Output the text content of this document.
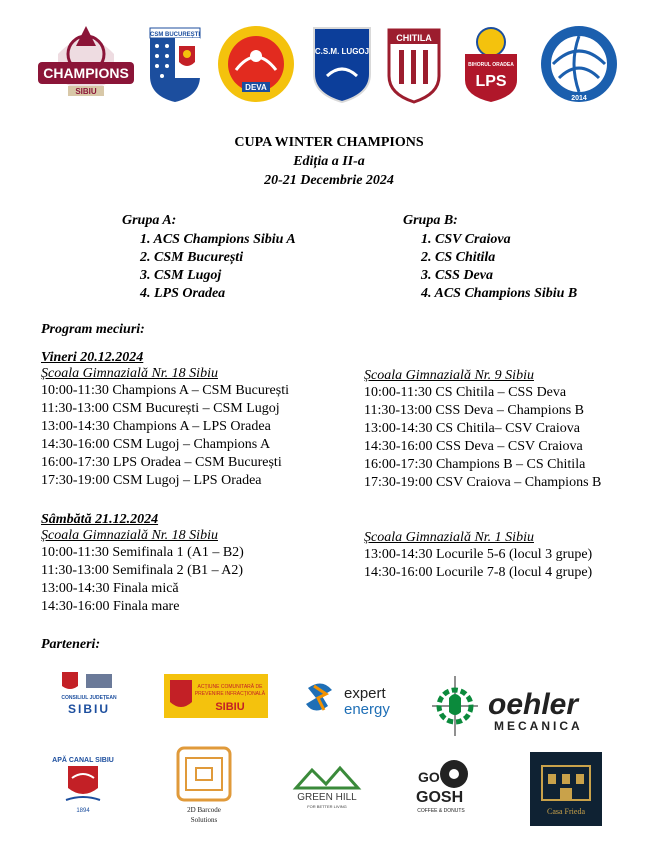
CHAMPIONS
SIBIU
CSM BUCUREȘTI
DEVA
C.S.M. LUGOJ
CHITILA
BIHORUL ORADEA
LPS
2014
CUPA WINTER CHAMPIONS
Ediția a II-a
20-21 Decembrie 2024
Grupa A:
1. ACS Champions Sibiu A
2. CSM București
3. CSM Lugoj
4. LPS Oradea
Grupa B:
1. CSV Craiova
2. CS Chitila
3. CSS Deva
4. ACS Champions Sibiu B
Program meciuri:
Vineri 20.12.2024
Școala Gimnazială Nr. 18 Sibiu
10:00-11:30 Champions A – CSM București
11:30-13:00 CSM București – CSM Lugoj
13:00-14:30 Champions A – LPS Oradea
14:30-16:00 CSM Lugoj – Champions A
16:00-17:30 LPS Oradea – CSM București
17:30-19:00 CSM Lugoj – LPS Oradea
Școala Gimnazială Nr. 9 Sibiu
10:00-11:30 CS Chitila – CSS Deva
11:30-13:00 CSS Deva – Champions B
13:00-14:30 CS Chitila– CSV Craiova
14:30-16:00 CSS Deva – CSV Craiova
16:00-17:30 Champions B – CS Chitila
17:30-19:00 CSV Craiova – Champions B
Sâmbătă 21.12.2024
Școala Gimnazială Nr. 18 Sibiu
10:00-11:30 Semifinala 1 (A1 – B2)
11:30-13:00 Semifinala 2 (B1 – A2)
13:00-14:30 Finala mică
14:30-16:00 Finala mare
Școala Gimnazială Nr. 1 Sibiu
13:00-14:30 Locurile 5-6 (locul 3 grupe)
14:30-16:00 Locurile 7-8 (locul 4 grupe)
Parteneri:
CONSILIUL JUDEȚEAN
SIBIU
ACȚIUNE COMUNITARĂ DE
PREVENIRE INFRACȚIONALĂ
SIBIU
expert
energy	oehler
MECANICA
APĂ CANAL SIBIU
1894	2D Barcode
Solutions
GREEN HILL
FOR BETTER LIVING
GO
GOSH
COFFEE & DONUTS	Casa Frieda
